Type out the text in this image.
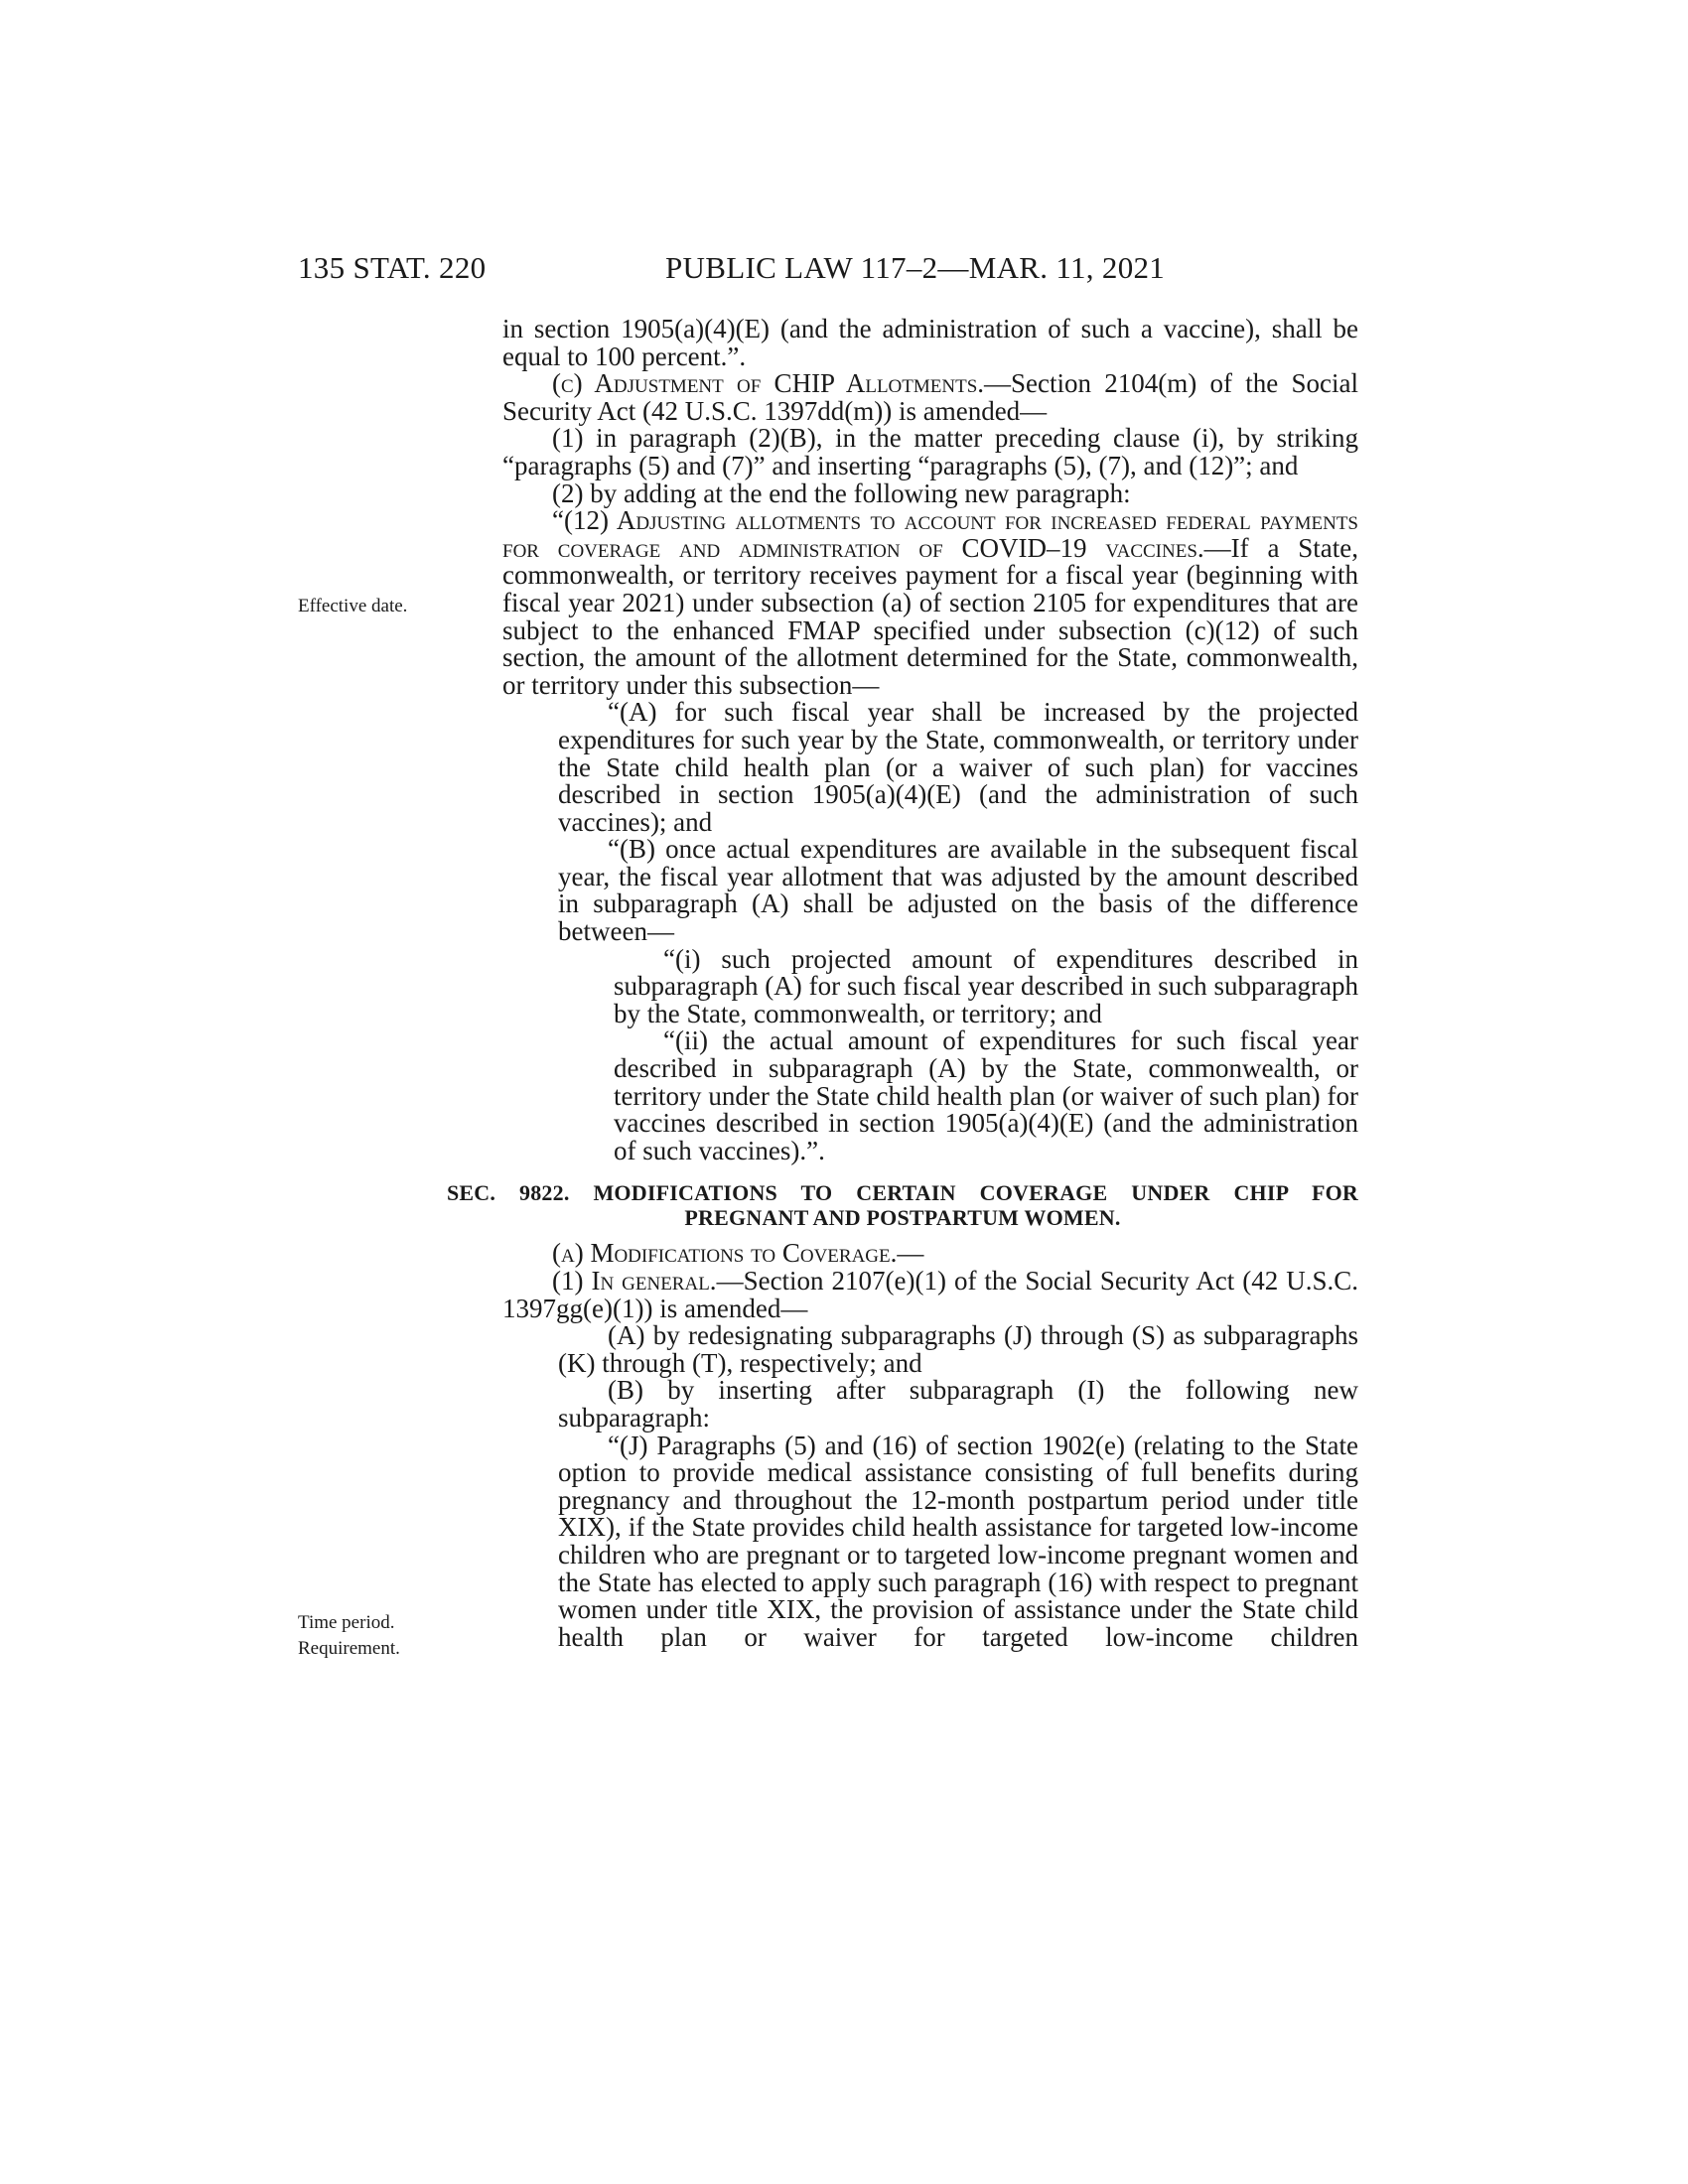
135 STAT. 220	PUBLIC LAW 117–2—MAR. 11, 2021
Effective date.
Time period.
Requirement.

in section 1905(a)(4)(E) (and the administration of such a vaccine), shall be equal to 100 percent.”.

(c) Adjustment of CHIP Allotments.—Section 2104(m) of the Social Security Act (42 U.S.C. 1397dd(m)) is amended—

(1) in paragraph (2)(B), in the matter preceding clause (i), by striking “paragraphs (5) and (7)” and inserting “paragraphs (5), (7), and (12)”; and

(2) by adding at the end the following new paragraph:

“(12) Adjusting allotments to account for increased federal payments for coverage and administration of COVID–19 vaccines.—If a State, commonwealth, or territory receives payment for a fiscal year (beginning with fiscal year 2021) under subsection (a) of section 2105 for expenditures that are subject to the enhanced FMAP specified under subsection (c)(12) of such section, the amount of the allotment determined for the State, commonwealth, or territory under this subsection—

“(A) for such fiscal year shall be increased by the projected expenditures for such year by the State, commonwealth, or territory under the State child health plan (or a waiver of such plan) for vaccines described in section 1905(a)(4)(E) (and the administration of such vaccines); and

“(B) once actual expenditures are available in the subsequent fiscal year, the fiscal year allotment that was adjusted by the amount described in subparagraph (A) shall be adjusted on the basis of the difference between—

“(i) such projected amount of expenditures described in subparagraph (A) for such fiscal year described in such subparagraph by the State, commonwealth, or territory; and

“(ii) the actual amount of expenditures for such fiscal year described in subparagraph (A) by the State, commonwealth, or territory under the State child health plan (or waiver of such plan) for vaccines described in section 1905(a)(4)(E) (and the administration of such vaccines).”.

SEC. 9822. MODIFICATIONS TO CERTAIN COVERAGE UNDER CHIP FOR
PREGNANT AND POSTPARTUM WOMEN.

(a) Modifications to Coverage.—

(1) In general.—Section 2107(e)(1) of the Social Security Act (42 U.S.C. 1397gg(e)(1)) is amended—

(A) by redesignating subparagraphs (J) through (S) as subparagraphs (K) through (T), respectively; and

(B) by inserting after subparagraph (I) the following new subparagraph:

“(J) Paragraphs (5) and (16) of section 1902(e) (relating to the State option to provide medical assistance consisting of full benefits during pregnancy and throughout the 12-month postpartum period under title XIX), if the State provides child health assistance for targeted low-income children who are pregnant or to targeted low-income pregnant women and the State has elected to apply such paragraph (16) with respect to pregnant women under title XIX, the provision of assistance under the State child health plan or waiver for targeted low-income children
